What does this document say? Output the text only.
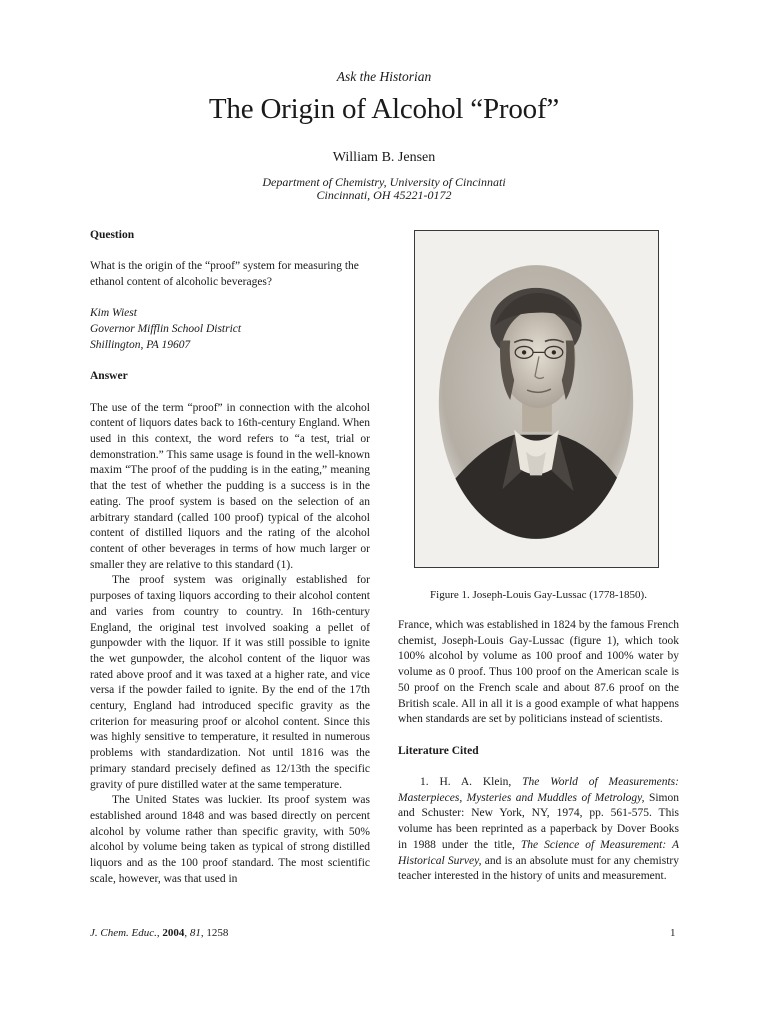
Ask the Historian
The Origin of Alcohol “Proof”
William B. Jensen
Department of Chemistry, University of Cincinnati
Cincinnati, OH 45221-0172
Question

What is the origin of the “proof” system for measuring the ethanol content of alcoholic beverages?

Kim Wiest
Governor Mifflin School District
Shillington, PA 19607
Answer

The use of the term “proof” in connection with the alcohol content of liquors dates back to 16th-century England. When used in this context, the word refers to “a test, trial or demonstration.” This same usage is found in the well-known maxim “The proof of the pudding is in the eating,” meaning that the test of whether the pudding is a success is in the eating. The proof system is based on the selection of an arbitrary standard (called 100 proof) typical of the alcohol content of distilled liquors and the rating of the alcohol content of other beverages in terms of how much larger or smaller they are relative to this standard (1).

The proof system was originally established for purposes of taxing liquors according to their alcohol content and varies from country to country. In 16th-century England, the original test involved soaking a pellet of gunpowder with the liquor. If it was still possible to ignite the wet gunpowder, the alcohol content of the liquor was rated above proof and it was taxed at a higher rate, and vice versa if the powder failed to ignite. By the end of the 17th century, England had introduced specific gravity as the criterion for measuring proof or alcohol content. Since this was highly sensitive to temperature, it resulted in numerous problems with standardization. Not until 1816 was the primary standard precisely defined as 12/13th the specific gravity of pure distilled water at the same temperature.

The United States was luckier. Its proof system was established around 1848 and was based directly on percent alcohol by volume rather than specific gravity, with 50% alcohol by volume being taken as typical of strong distilled liquors and as the 100 proof standard. The most scientific scale, however, was that used in

Figure 1. Joseph-Louis Gay-Lussac (1778-1850).

France, which was established in 1824 by the famous French chemist, Joseph-Louis Gay-Lussac (figure 1), which took 100% alcohol by volume as 100 proof and 100% water by volume as 0 proof. Thus 100 proof on the American scale is 50 proof on the French scale and about 87.6 proof on the British scale. All in all it is a good example of what happens when standards are set by politicians instead of scientists.

Literature Cited

1. H. A. Klein, The World of Measurements: Masterpieces, Mysteries and Muddles of Metrology, Simon and Schuster: New York, NY, 1974, pp. 561-575. This volume has been reprinted as a paperback by Dover Books in 1988 under the title, The Science of Measurement: A Historical Survey, and is an absolute must for any chemistry teacher interested in the history of units and measurement.

J. Chem. Educ., 2004, 81, 1258	1
